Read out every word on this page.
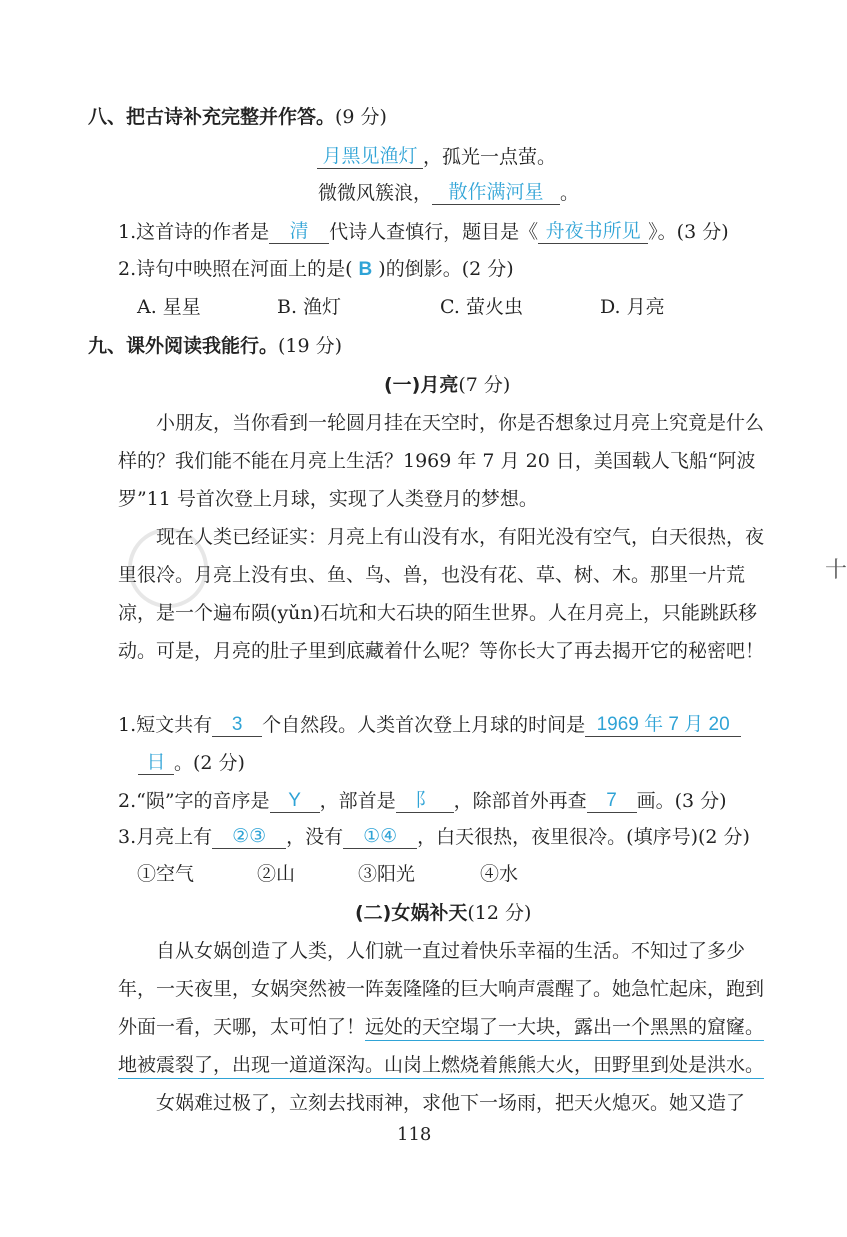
八、把古诗补充完整并作答。(9 分)
月黑见渔灯 ，孤光一点萤。
微微风簇浪， 散作满河星 。
1.这首诗的作者是 清 代诗人查慎行，题目是《 舟夜书所见 》。(3 分)
2.诗句中映照在河面上的是( B )的倒影。(2 分)
A. 星星	B. 渔灯	C. 萤火虫	D. 月亮
九、课外阅读我能行。(19 分)
(一)月亮(7 分)
小朋友，当你看到一轮圆月挂在天空时，你是否想象过月亮上究竟是什么样的？我们能不能在月亮上生活？1969 年 7 月 20 日，美国载人飞船“阿波罗”11 号首次登上月球，实现了人类登月的梦想。
现在人类已经证实：月亮上有山没有水，有阳光没有空气，白天很热，夜里很冷。月亮上没有虫、鱼、鸟、兽，也没有花、草、树、木。那里一片荒凉，是一个遍布陨(yǔn)石坑和大石块的陌生世界。人在月亮上，只能跳跃移动。 可是，月亮的肚子里到底藏着什么呢？等你长大了再去揭开它的秘密吧！
1.短文共有 3 个自然段。人类首次登上月球的时间是 1969 年 7 月 20
日 。(2 分)
2.“陨”字的音序是 Y ，部首是 阝 ，除部首外再查 7 画。(3 分)
3.月亮上有 ②③ ，没有 ①④ ，白天很热，夜里很冷。(填序号)(2 分)
①空气	②山	③阳光	④水
(二)女娲补天(12 分)
自从女娲创造了人类，人们就一直过着快乐幸福的生活。不知过了多少年，一天夜里，女娲突然被一阵轰隆隆的巨大响声震醒了。她急忙起床，跑到外面一看，天哪，太可怕了！远处的天空塌了一大块，露出一个黑黑的窟窿。地被震裂了，出现一道道深沟。山岗上燃烧着熊熊大火，田野里到处是洪水。
女娲难过极了，立刻去找雨神，求他下一场雨，把天火熄灭。她又造了
118
十
